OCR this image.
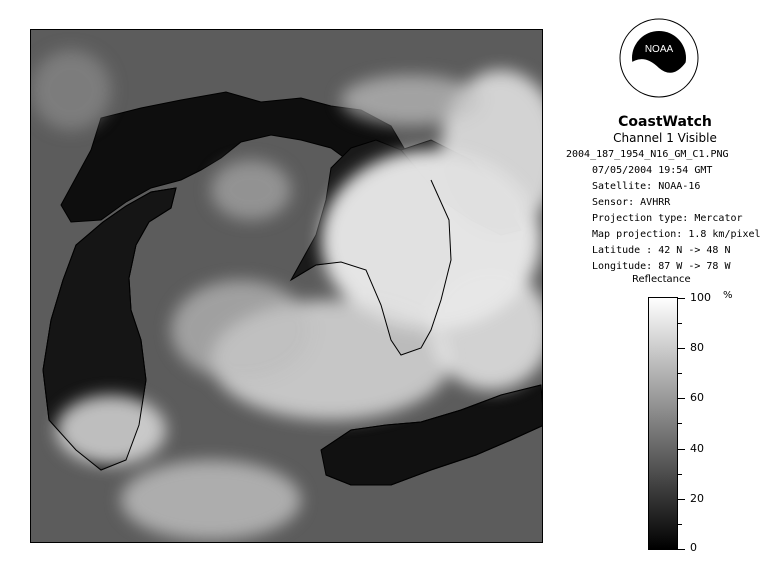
NOAA
CoastWatch
Channel 1 Visible
2004_187_1954_N16_GM_C1.PNG
07/05/2004 19:54 GMT
Satellite: NOAA-16
Sensor: AVHRR
Projection type: Mercator
Map projection: 1.8 km/pixel
Latitude : 42 N -> 48 N
Longitude: 87 W -> 78 W
Reflectance
%
100
80
60
40
20
0
